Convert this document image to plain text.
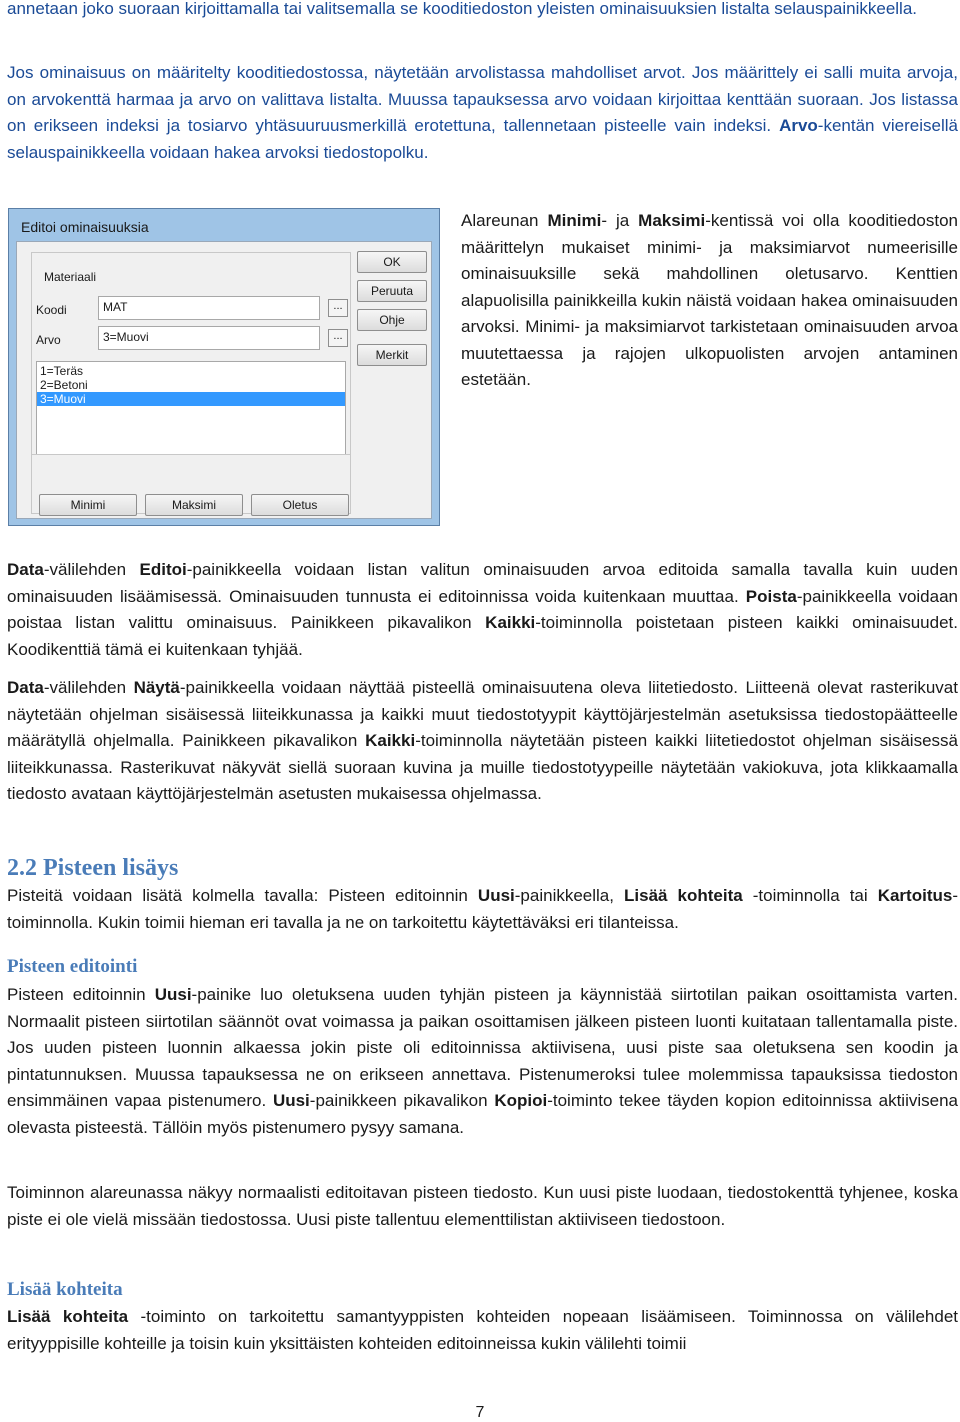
annetaan joko suoraan kirjoittamalla tai valitsemalla se kooditiedoston yleisten ominaisuuksien listalta selauspainikkeella.

Jos ominaisuus on määritelty kooditiedostossa, näytetään arvolistassa mahdolliset arvot. Jos määrittely ei salli muita arvoja, on arvokenttä harmaa ja arvo on valittava listalta. Muussa tapauksessa arvo voidaan kirjoittaa kenttään suoraan. Jos listassa on erikseen indeksi ja tosiarvo yhtäsuuruusmerkillä erotettuna, tallennetaan pisteelle vain indeksi. Arvo-kentän viereisellä selauspainikkeella voidaan hakea arvoksi tiedostopolku.

Editoi ominaisuuksia
Materiaali
Koodi	MAT	...
Arvo	3=Muovi	...
1=Teräs
2=Betoni
3=Muovi
OK
Peruuta
Ohje
Merkit
Minimi	Maksimi	Oletus

Alareunan Minimi- ja Maksimi-kentissä voi olla kooditiedoston määrittelyn mukaiset minimi- ja maksimiarvot numeerisille ominaisuuksille sekä mahdollinen oletusarvo. Kenttien alapuolisilla painikkeilla kukin näistä voidaan hakea ominaisuuden arvoksi. Minimi- ja maksimiarvot tarkistetaan ominaisuuden arvoa muutettaessa ja rajojen ulkopuolisten arvojen antaminen estetään.

Data-välilehden Editoi-painikkeella voidaan listan valitun ominaisuuden arvoa editoida samalla tavalla kuin uuden ominaisuuden lisäämisessä. Ominaisuuden tunnusta ei editoinnissa voida kuitenkaan muuttaa. Poista-painikkeella voidaan poistaa listan valittu ominaisuus. Painikkeen pikavalikon Kaikki-toiminnolla poistetaan pisteen kaikki ominaisuudet. Koodikenttiä tämä ei kuitenkaan tyhjää.

Data-välilehden Näytä-painikkeella voidaan näyttää pisteellä ominaisuutena oleva liitetiedosto. Liitteenä olevat rasterikuvat näytetään ohjelman sisäisessä liiteikkunassa ja kaikki muut tiedostotyypit käyttöjärjestelmän asetuksissa tiedostopäätteelle määrätyllä ohjelmalla. Painikkeen pikavalikon Kaikki-toiminnolla näytetään pisteen kaikki liitetiedostot ohjelman sisäisessä liiteikkunassa. Rasterikuvat näkyvät siellä suoraan kuvina ja muille tiedostotyypeille näytetään vakiokuva, jota klikkaamalla tiedosto avataan käyttöjärjestelmän asetusten mukaisessa ohjelmassa.

2.2 Pisteen lisäys

Pisteitä voidaan lisätä kolmella tavalla: Pisteen editoinnin Uusi-painikkeella, Lisää kohteita -toiminnolla tai Kartoitus-toiminnolla. Kukin toimii hieman eri tavalla ja ne on tarkoitettu käytettäväksi eri tilanteissa.

Pisteen editointi

Pisteen editoinnin Uusi-painike luo oletuksena uuden tyhjän pisteen ja käynnistää siirtotilan paikan osoittamista varten. Normaalit pisteen siirtotilan säännöt ovat voimassa ja paikan osoittamisen jälkeen pisteen luonti kuitataan tallentamalla piste. Jos uuden pisteen luonnin alkaessa jokin piste oli editoinnissa aktiivisena, uusi piste saa oletuksena sen koodin ja pintatunnuksen. Muussa tapauksessa ne on erikseen annettava. Pistenumeroksi tulee molemmissa tapauksissa tiedoston ensimmäinen vapaa pistenumero. Uusi-painikkeen pikavalikon Kopioi-toiminto tekee täyden kopion editoinnissa aktiivisena olevasta pisteestä. Tällöin myös pistenumero pysyy samana.

Toiminnon alareunassa näkyy normaalisti editoitavan pisteen tiedosto. Kun uusi piste luodaan, tiedostokenttä tyhjenee, koska piste ei ole vielä missään tiedostossa. Uusi piste tallentuu elementtilistan aktiiviseen tiedostoon.

Lisää kohteita

Lisää kohteita -toiminto on tarkoitettu samantyyppisten kohteiden nopeaan lisäämiseen. Toiminnossa on välilehdet erityyppisille kohteille ja toisin kuin yksittäisten kohteiden editoinneissa kukin välilehti toimii

7
